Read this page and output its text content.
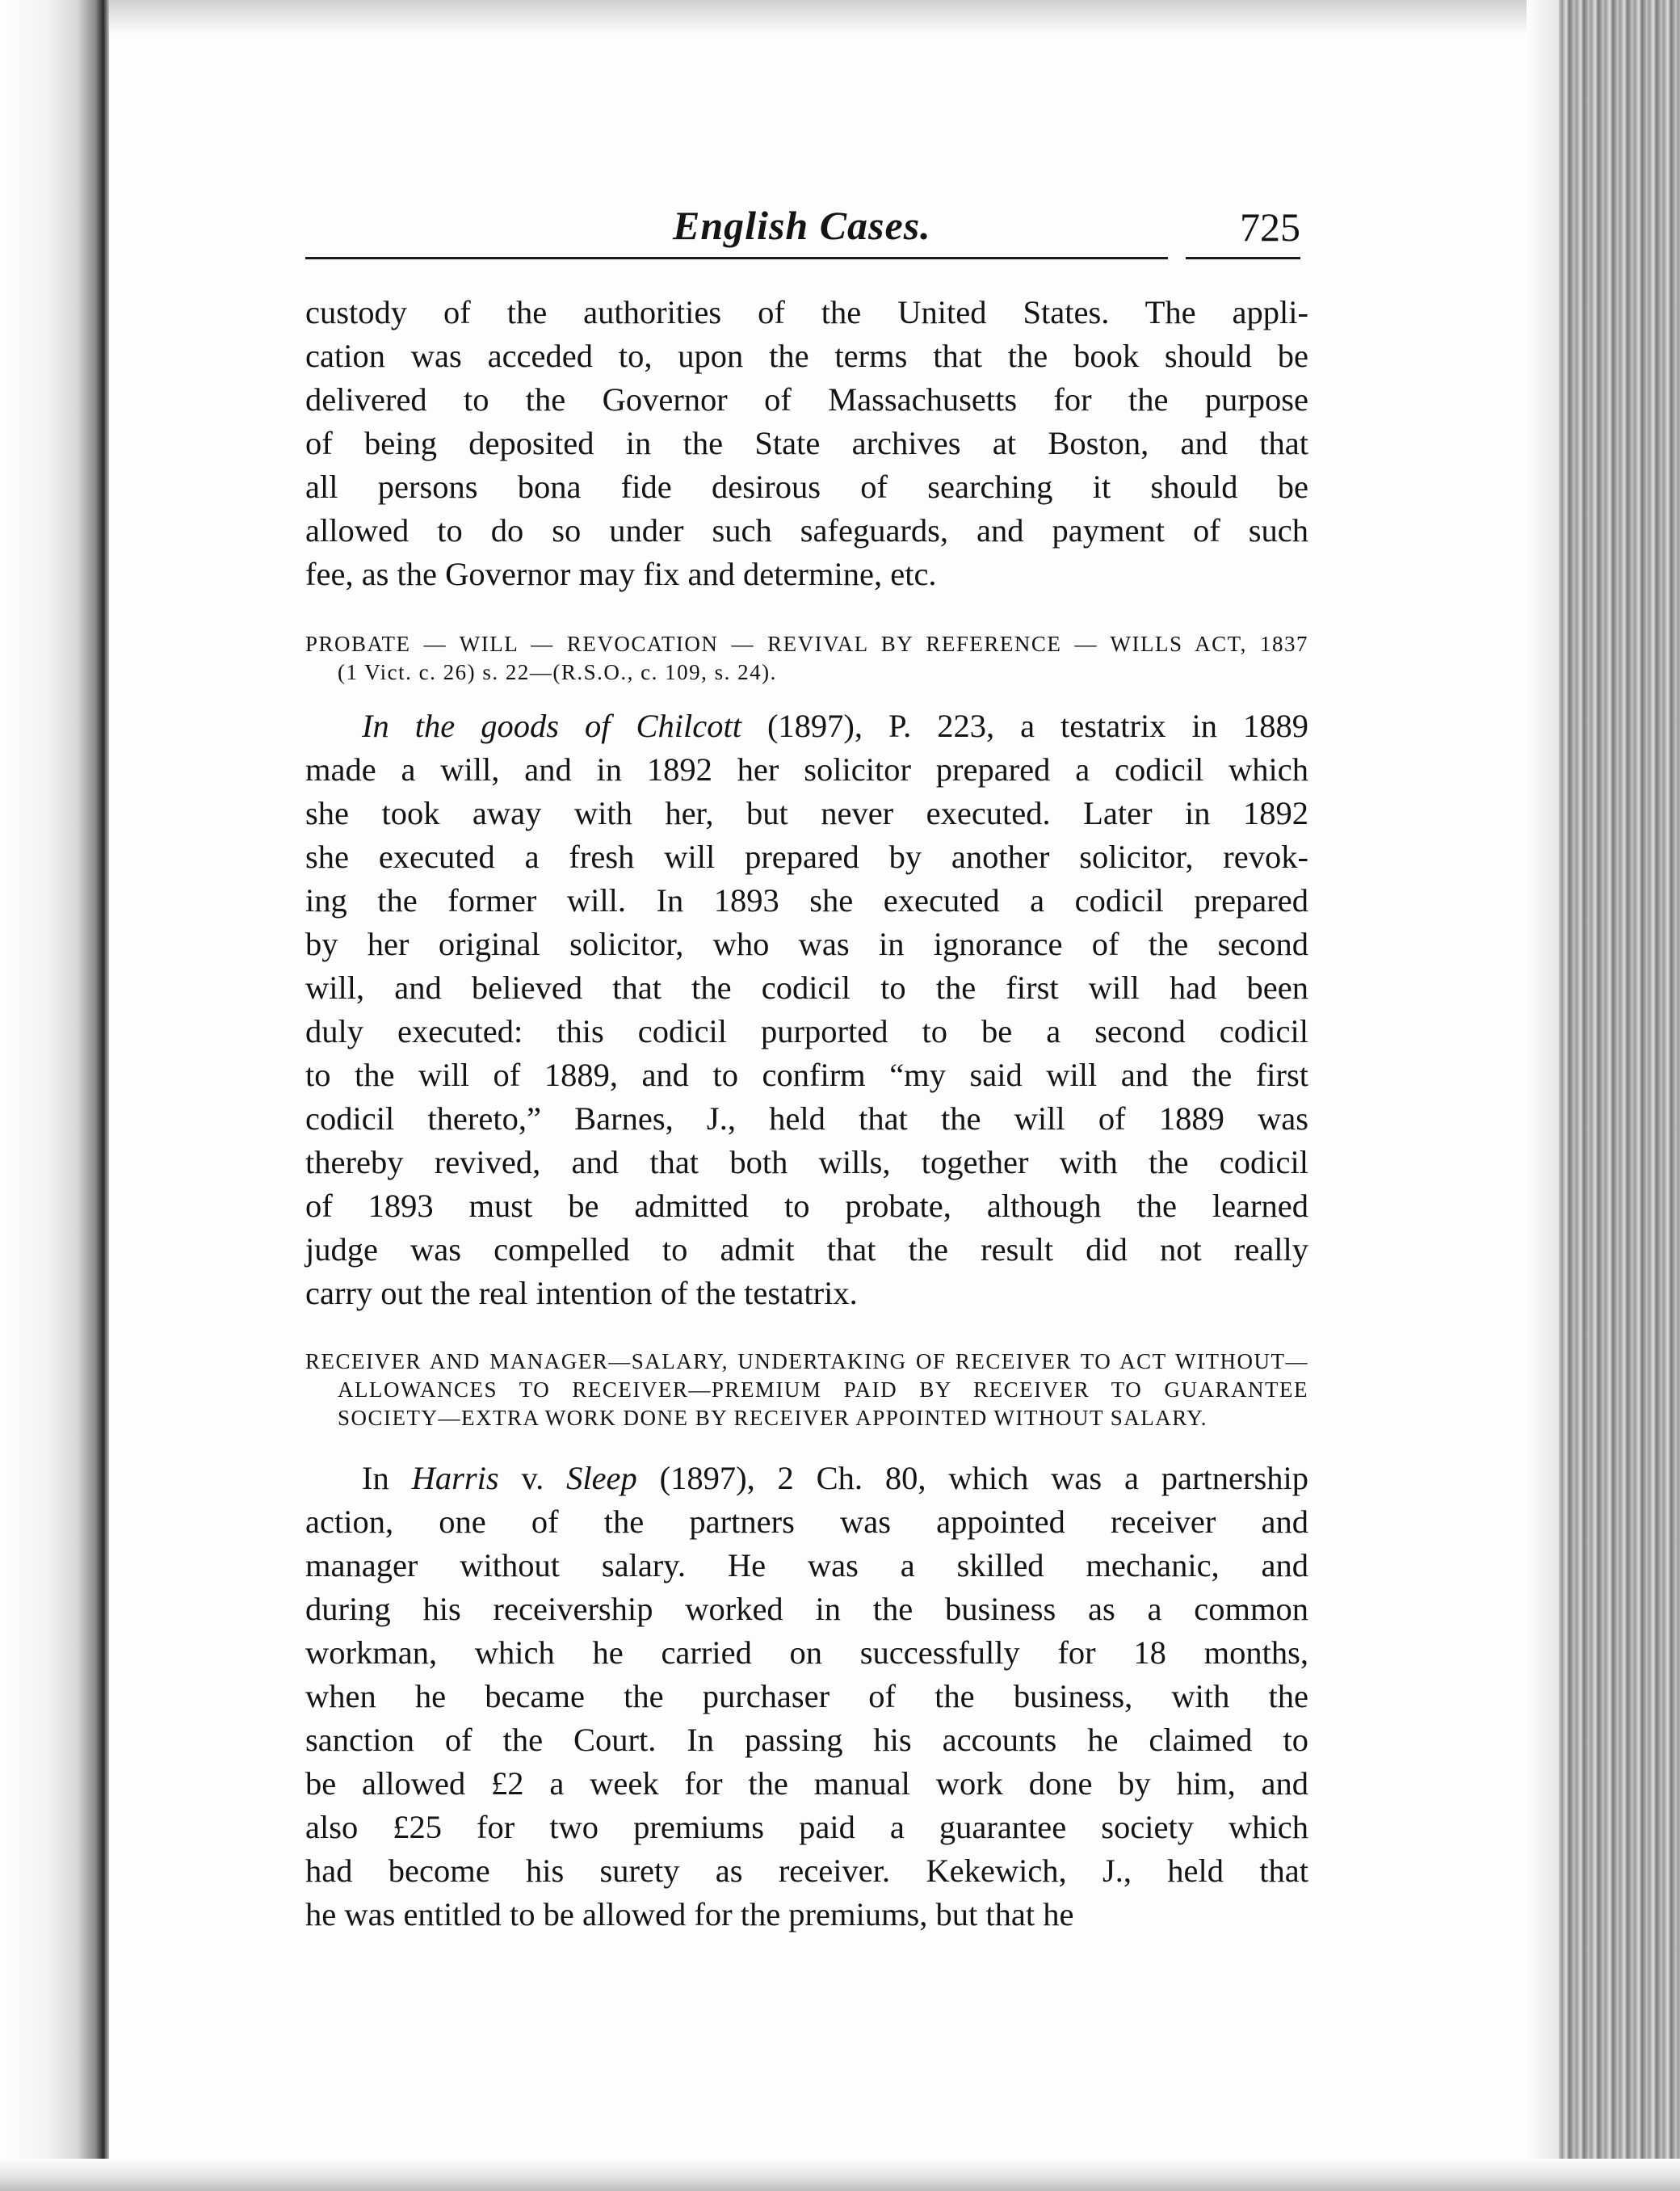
English Cases.	725
custody of the authorities of the United States. The appli-
cation was acceded to, upon the terms that the book should be
delivered to the Governor of Massachusetts for the purpose
of being deposited in the State archives at Boston, and that
all persons bona fide desirous of searching it should be
allowed to do so under such safeguards, and payment of such
fee, as the Governor may fix and determine, etc.
PROBATE — WILL — REVOCATION — REVIVAL BY REFERENCE — WILLS ACT, 1837
(1 Vict. c. 26) s. 22—(R.S.O., c. 109, s. 24).
In the goods of Chilcott (1897), P. 223, a testatrix in 1889
made a will, and in 1892 her solicitor prepared a codicil which
she took away with her, but never executed. Later in 1892
she executed a fresh will prepared by another solicitor, revok-
ing the former will. In 1893 she executed a codicil prepared
by her original solicitor, who was in ignorance of the second
will, and believed that the codicil to the first will had been
duly executed: this codicil purported to be a second codicil
to the will of 1889, and to confirm “my said will and the first
codicil thereto,” Barnes, J., held that the will of 1889 was
thereby revived, and that both wills, together with the codicil
of 1893 must be admitted to probate, although the learned
judge was compelled to admit that the result did not really
carry out the real intention of the testatrix.
RECEIVER AND MANAGER—SALARY, UNDERTAKING OF RECEIVER TO ACT WITHOUT—
ALLOWANCES TO RECEIVER—PREMIUM PAID BY RECEIVER TO GUARANTEE
SOCIETY—EXTRA WORK DONE BY RECEIVER APPOINTED WITHOUT SALARY.
In Harris v. Sleep (1897), 2 Ch. 80, which was a partnership
action, one of the partners was appointed receiver and
manager without salary. He was a skilled mechanic, and
during his receivership worked in the business as a common
workman, which he carried on successfully for 18 months,
when he became the purchaser of the business, with the
sanction of the Court. In passing his accounts he claimed to
be allowed £2 a week for the manual work done by him, and
also £25 for two premiums paid a guarantee society which
had become his surety as receiver. Kekewich, J., held that
he was entitled to be allowed for the premiums, but that he
